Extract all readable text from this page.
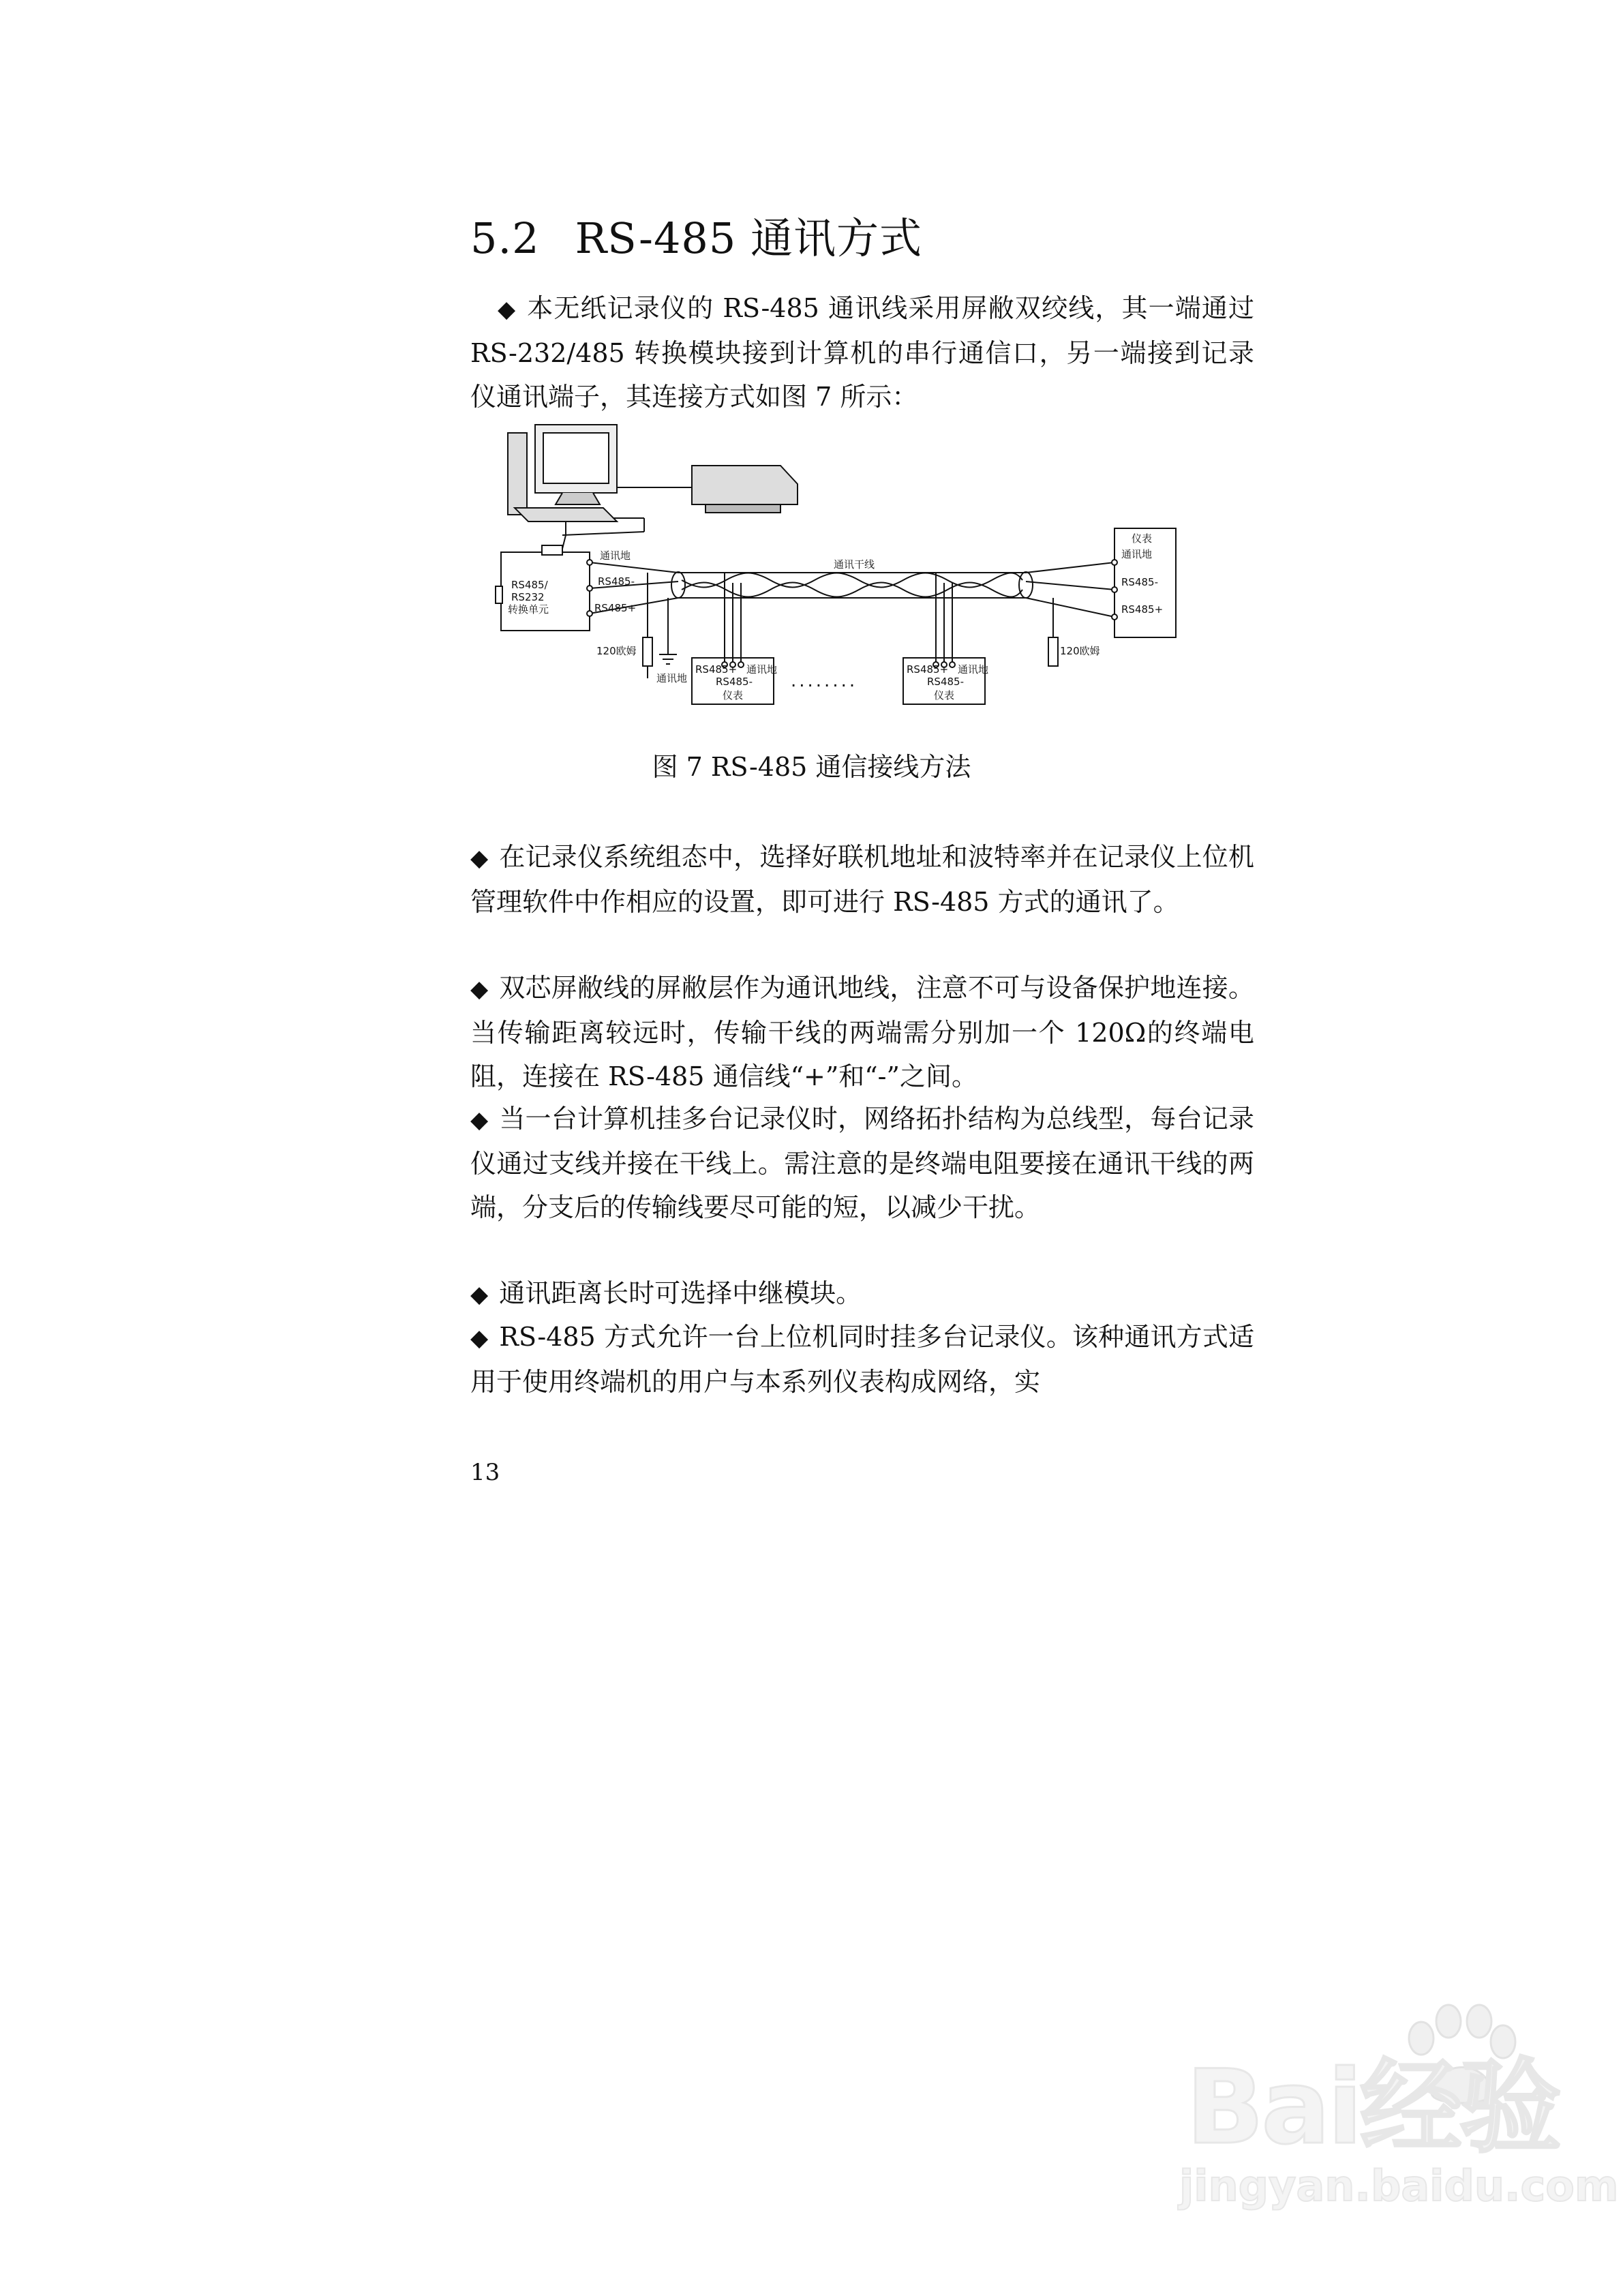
5.2 RS-485 通讯方式

◆ 本无纸记录仪的 RS-485 通讯线采用屏敝双绞线，其一端通过 RS-232/485 转换模块接到计算机的串行通信口，另一端接到记录仪通讯端子，其连接方式如图 7 所示：

RS485/
RS232
转换单元
通讯地
RS485-
RS485+
通讯干线
120欧姆
通讯地
仪表
通讯地
RS485-
RS485+
120欧姆
RS485+ 通讯地
RS485-
仪表
RS485+ 通讯地
RS485-
仪表
........
图 7 RS-485 通信接线方法

◆ 在记录仪系统组态中，选择好联机地址和波特率并在记录仪上位机管理软件中作相应的设置，即可进行 RS-485 方式的通讯了。

◆ 双芯屏敝线的屏敝层作为通讯地线，注意不可与设备保护地连接。当传输距离较远时，传输干线的两端需分别加一个 120Ω的终端电阻，连接在 RS-485 通信线“+”和“-”之间。

◆ 当一台计算机挂多台记录仪时，网络拓扑结构为总线型，每台记录仪通过支线并接在干线上。需注意的是终端电阻要接在通讯干线的两端，分支后的传输线要尽可能的短，以减少干扰。

◆ 通讯距离长时可选择中继模块。

◆ RS-485 方式允许一台上位机同时挂多台记录仪。该种通讯方式适用于使用终端机的用户与本系列仪表构成网络，实

13
Bai经验
jingyan.baidu.com
